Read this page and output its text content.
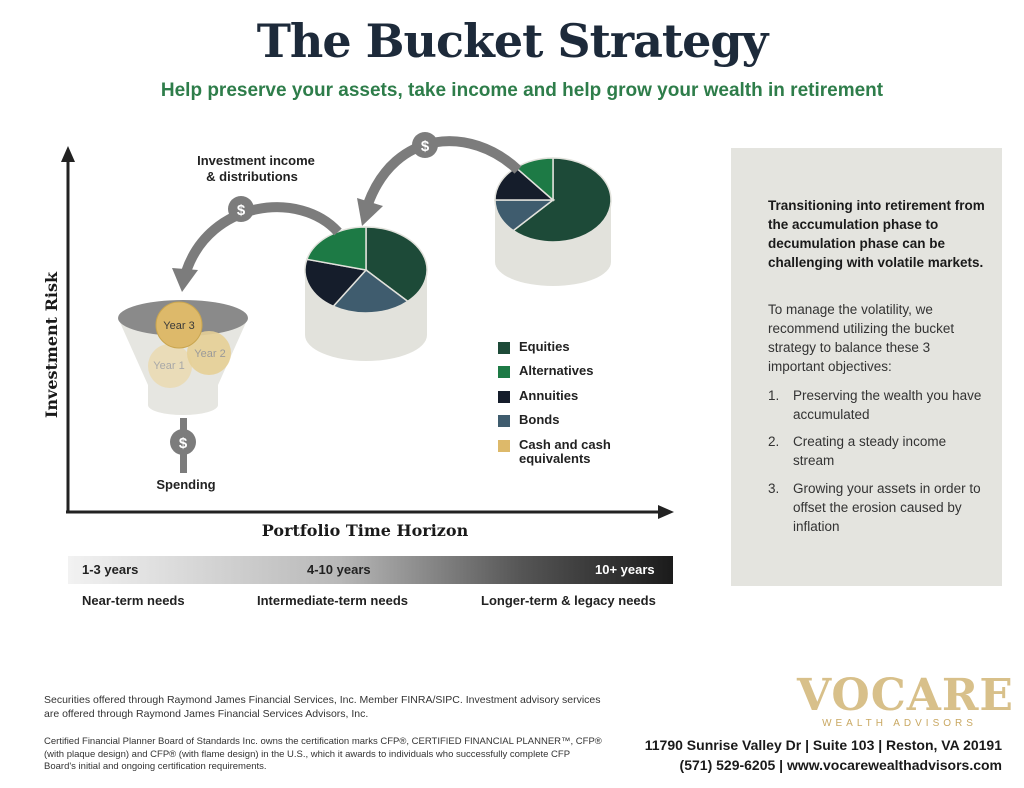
The Bucket Strategy
Help preserve your assets, take income and help grow your wealth in retirement
Investment Risk
Portfolio Time Horizon
Investment income
& distributions
Year 3
Year 2
Year 1
$
$
$
Spending
Equities
Alternatives
Annuities
Bonds
Cash and cash equivalents
1-3 years	4-10 years	10+ years
Near-term needs	Intermediate-term needs	Longer-term & legacy needs
Transitioning into retirement from the accumulation phase to decumulation phase can be challenging with volatile markets.
To manage the volatility, we recommend utilizing the bucket strategy to balance these 3 important objectives:
1.	Preserving the wealth you have accumulated
2.	Creating a steady income stream
3.	Growing your assets in order to offset the erosion caused by inflation
Securities offered through Raymond James Financial Services, Inc. Member FINRA/SIPC. Investment advisory services are offered through Raymond James Financial Services Advisors, Inc.
Certified Financial Planner Board of Standards Inc. owns the certification marks CFP®, CERTIFIED FINANCIAL PLANNER™, CFP® (with plaque design) and CFP® (with flame design) in the U.S., which it awards to individuals who successfully complete CFP Board's initial and ongoing certification requirements.
VOCARE
WEALTH ADVISORS
11790 Sunrise Valley Dr | Suite 103 | Reston, VA 20191
(571) 529-6205 | www.vocarewealthadvisors.com
